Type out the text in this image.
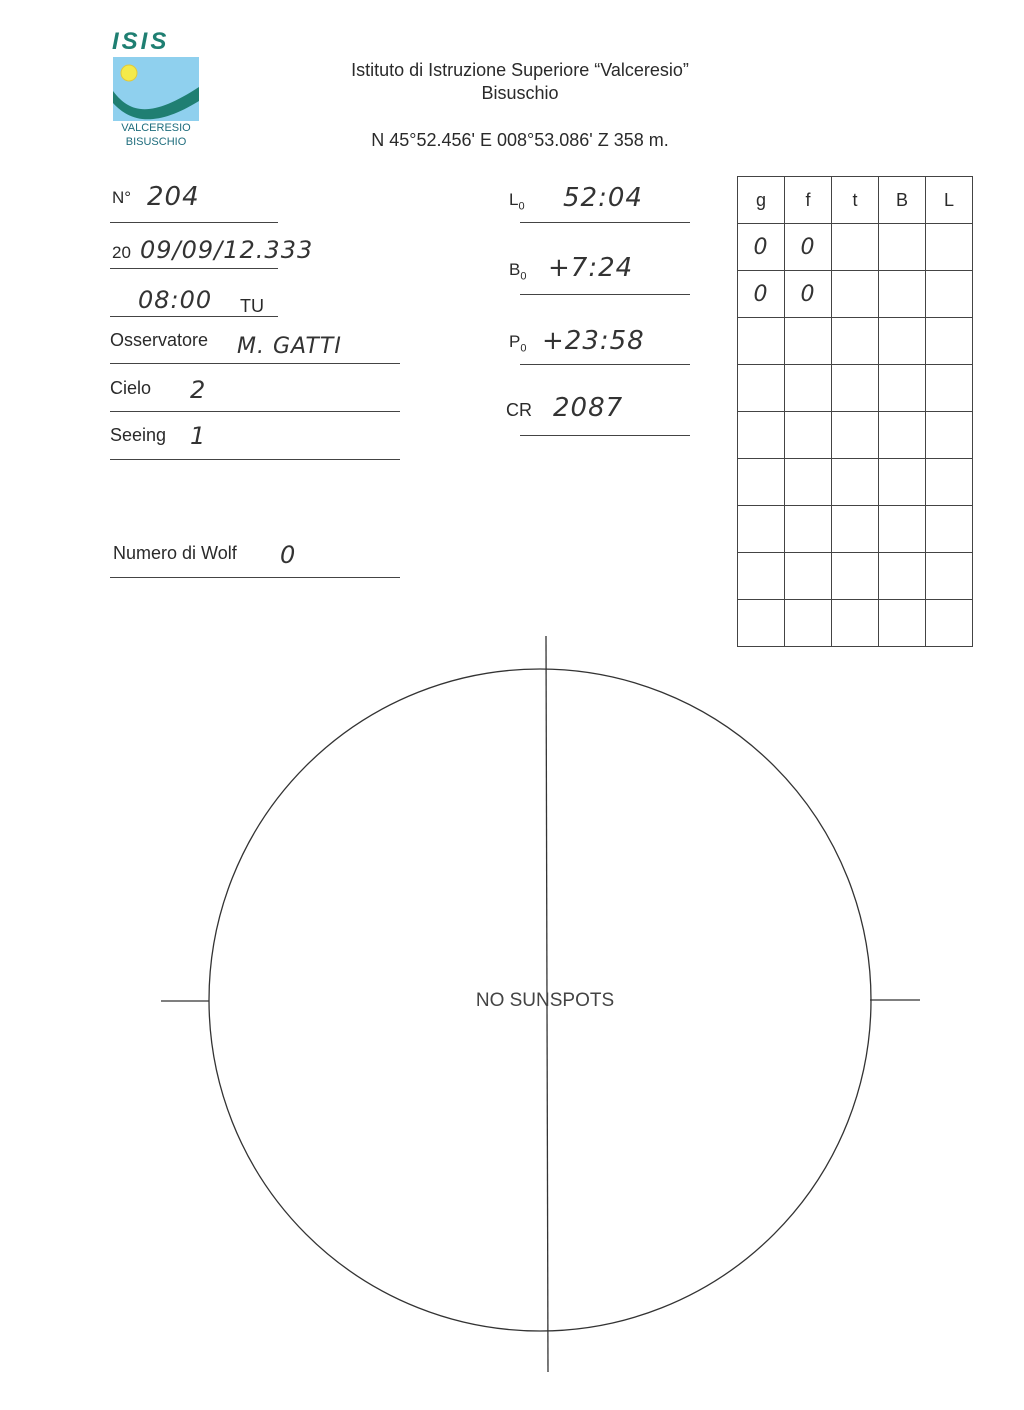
ISIS
VALCERESIO
BISUSCHIO
Istituto di Istruzione Superiore “Valceresio”
Bisuschio
N 45°52.456' E 008°53.086' Z 358 m.
N° 204
20 09/09/12.333
08:00 TU
Osservatore M. GATTI
Cielo 2
Seeing 1
Numero di Wolf 0
$L_0$ 52:04
$B_0$ +7:24
$P_0$ +23:58
CR 2087
g	f	t	B	L
0	0			
0	0			

NO SUNSPOTS
